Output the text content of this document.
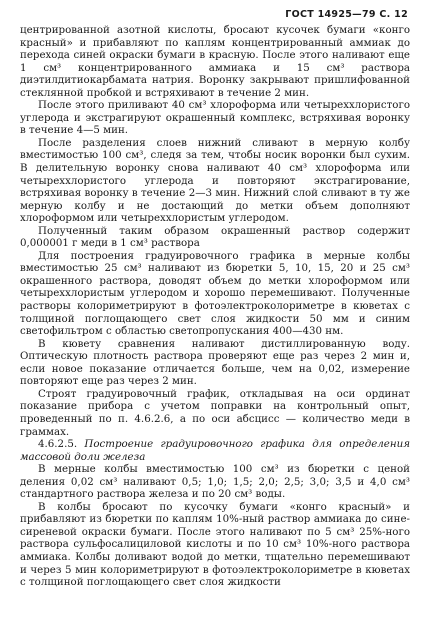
ГОСТ 14925—79 С. 12

центрированной азотной кислоты, бросают кусочек бумаги «конго красный» и прибавляют по каплям концентрированный аммиак до перехода синей окраски бумаги в красную. После этого наливают еще 1 см³ концентрированного аммиака и 15 см³ раствора диэтилдитиокарбамата натрия. Воронку закрывают пришлифованной стеклянной пробкой и встряхивают в течение 2 мин.

После этого приливают 40 см³ хлороформа или четыреххлористого углерода и экстрагируют окрашенный комплекс, встряхивая воронку в течение 4—5 мин.

После разделения слоев нижний сливают в мерную колбу вместимостью 100 см³, следя за тем, чтобы носик воронки был сухим. В делительную воронку снова наливают 40 см³ хлороформа или четыреххлористого углерода и повторяют экстрагирование, встряхивая воронку в течение 2—3 мин. Нижний слой сливают в ту же мерную колбу и не достающий до метки объем дополняют хлороформом или четыреххлористым углеродом.

Полученный таким образом окрашенный раствор содержит 0,000001 г меди в 1 см³ раствора

Для построения градуировочного графика в мерные колбы вместимостью 25 см³ наливают из бюретки 5, 10, 15, 20 и 25 см³ окрашенного раствора, доводят объем до метки хлороформом или четыреххлористым углеродом и хорошо перемешивают. Полученные растворы колориметрируют в фотоэлектроколориметре в кюветах с толщиной поглощающего свет слоя жидкости 50 мм и синим светофильтром с областью светопропускания 400—430 нм.

В кювету сравнения наливают дистиллированную воду. Оптическую плотность раствора проверяют еще раз через 2 мин и, если новое показание отличается больше, чем на 0,02, измерение повторяют еще раз через 2 мин.

Строят градуировочный график, откладывая на оси ординат показание прибора с учетом поправки на контрольный опыт, проведенный по п. 4.6.2.6, а по оси абсцисс — количество меди в граммах.

4.6.2.5. Построение градуировочного графика для определения массовой доли железа

В мерные колбы вместимостью 100 см³ из бюретки с ценой деления 0,02 см³ наливают 0,5; 1,0; 1,5; 2,0; 2,5; 3,0; 3,5 и 4,0 см³ стандартного раствора железа и по 20 см³ воды.

В колбы бросают по кусочку бумаги «конго красный» и прибавляют из бюретки по каплям 10%-ный раствор аммиака до сине-сиреневой окраски бумаги. После этого наливают по 5 см³ 25%-ного раствора сульфосалициловой кислоты и по 10 см³ 10%-ного раствора аммиака. Колбы доливают водой до метки, тщательно перемешивают и через 5 мин колориметрируют в фотоэлектроколориметре в кюветах с толщиной поглощающего свет слоя жидкости
